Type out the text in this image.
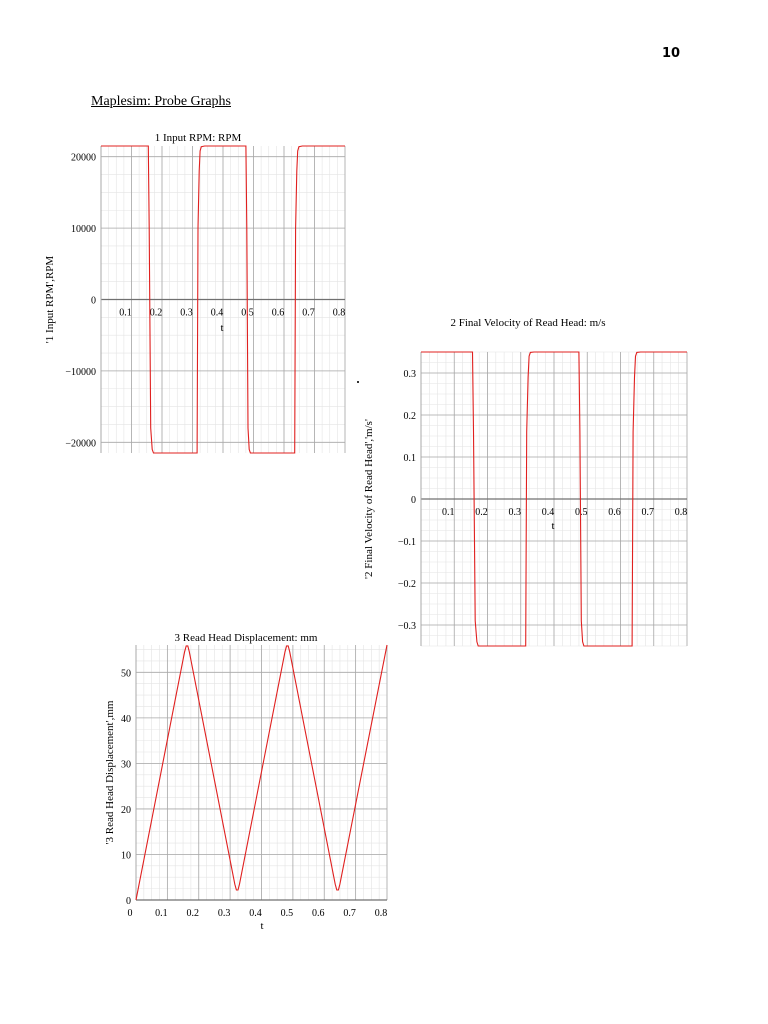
10
Maplesim: Probe Graphs
1 Input RPM: RPM
0.1 0.2 0.3 0.4 0.5 0.6 0.7 0.8
−20000
−10000
0
10000
20000
t
'1 Input RPM',RPM	2 Final Velocity of Read Head: m/s
0.1 0.2 0.3 0.4 0.5 0.6 0.7 0.8
−0.3
−0.2
−0.1
0
0.1
0.2
0.3
t
'2 Final Velocity of Read Head','m/s'
3 Read Head Displacement: mm
0 0.1 0.2 0.3 0.4 0.5 0.6 0.7 0.8
0
10
20
30
40
50
t
'3 Read Head Displacement',mm
